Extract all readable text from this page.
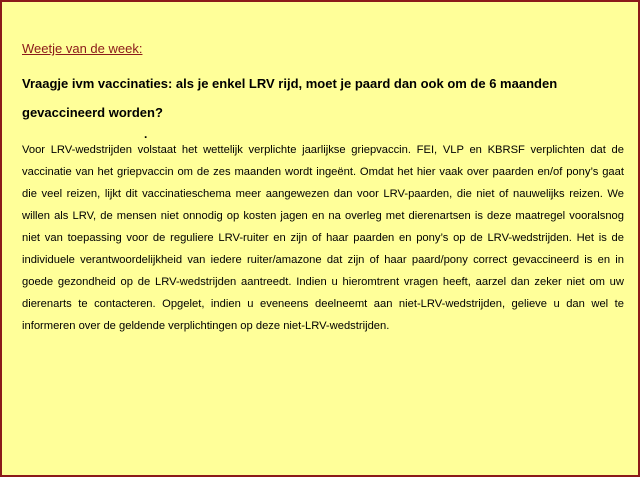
Weetje van de week:

Vraagje ivm vaccinaties: als je enkel LRV rijd, moet je paard dan ook om de 6 maanden gevaccineerd worden?

.

Voor LRV-wedstrijden volstaat het wettelijk verplichte jaarlijkse griepvaccin. FEI, VLP en KBRSF verplichten dat de vaccinatie van het griepvaccin om de zes maanden wordt ingeënt. Omdat het hier vaak over paarden en/of pony’s gaat die veel reizen, lijkt dit vaccinatieschema meer aangewezen dan voor LRV-paarden, die niet of nauwelijks reizen. We willen als LRV, de mensen niet onnodig op kosten jagen en na overleg met dierenartsen is deze maatregel vooralsnog niet van toepassing voor de reguliere LRV-ruiter en zijn of haar paarden en pony’s op de LRV-wedstrijden. Het is de individuele verantwoordelijkheid van iedere ruiter/amazone dat zijn of haar paard/pony correct gevaccineerd is en in goede gezondheid op de LRV-wedstrijden aantreedt. Indien u hieromtrent vragen heeft, aarzel dan zeker niet om uw dierenarts te contacteren. Opgelet, indien u eveneens deelneemt aan niet-LRV-wedstrijden, gelieve u dan wel te informeren over de geldende verplichtingen op deze niet-LRV-wedstrijden.
